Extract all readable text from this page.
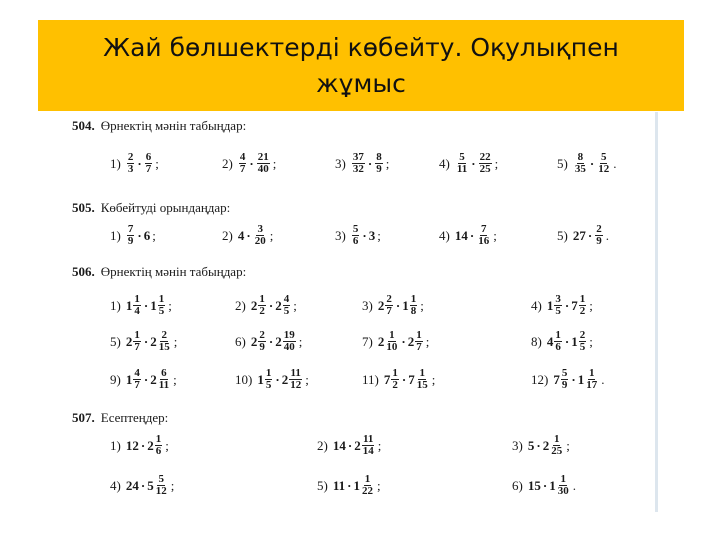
Жай бөлшектерді көбейту. Оқулықпен жұмыс
504. Өрнектің мәнін табыңдар:
505. Көбейтуді орындаңдар:
506. Өрнектің мәнін табыңдар:
507. Есептеңдер:
$1) \frac{2}{3} \cdot \frac{6}{7}$ ;	$2) \frac{4}{7} \cdot \frac{21}{40}$ ;	$3) \frac{37}{32} \cdot \frac{8}{9}$ ;	$4) \frac{5}{11} \cdot \frac{22}{25}$ ;	$5) \frac{8}{35} \cdot \frac{5}{12}$ .
$1) \frac{7}{9} \cdot 6$ ;	2) $4 \cdot \frac{3}{20}$ ;	$3) \frac{5}{6} \cdot 3$ ;	4) $14 \cdot \frac{7}{16}$ ;	5) $27 \cdot \frac{2}{9}$ .
1) $1 \frac{1}{4} \cdot 1 \frac{1}{5}$ ;	2) $2 \frac{1}{2} \cdot 2 \frac{4}{5}$ ;	3) $2 \frac{2}{7} \cdot 1 \frac{1}{8}$ ;	4) $1 \frac{3}{5} \cdot 7 \frac{1}{2}$ ;
5) $2 \frac{1}{7} \cdot 2 \frac{2}{15}$ ;	6) $2 \frac{2}{9} \cdot 2 \frac{19}{40}$ ;	7) $2 \frac{1}{10} \cdot 2 \frac{1}{7}$ ;	8) $4 \frac{1}{6} \cdot 1 \frac{2}{5}$ ;
9) $1 \frac{4}{7} \cdot 2 \frac{6}{11}$ ;	10) $1 \frac{1}{5} \cdot 2 \frac{11}{12}$ ;	11) $7 \frac{1}{2} \cdot 7 \frac{1}{15}$ ;	12) $7 \frac{5}{9} \cdot 1 \frac{1}{17}$ .
1) $12 \cdot 2 \frac{1}{6}$ ;	2) $14 \cdot 2 \frac{11}{14}$ ;	3) $5 \cdot 2 \frac{1}{25}$ ;
4) $24 \cdot 5 \frac{5}{12}$ ;	5) $11 \cdot 1 \frac{1}{22}$ ;	6) $15 \cdot 1 \frac{1}{30}$ .
